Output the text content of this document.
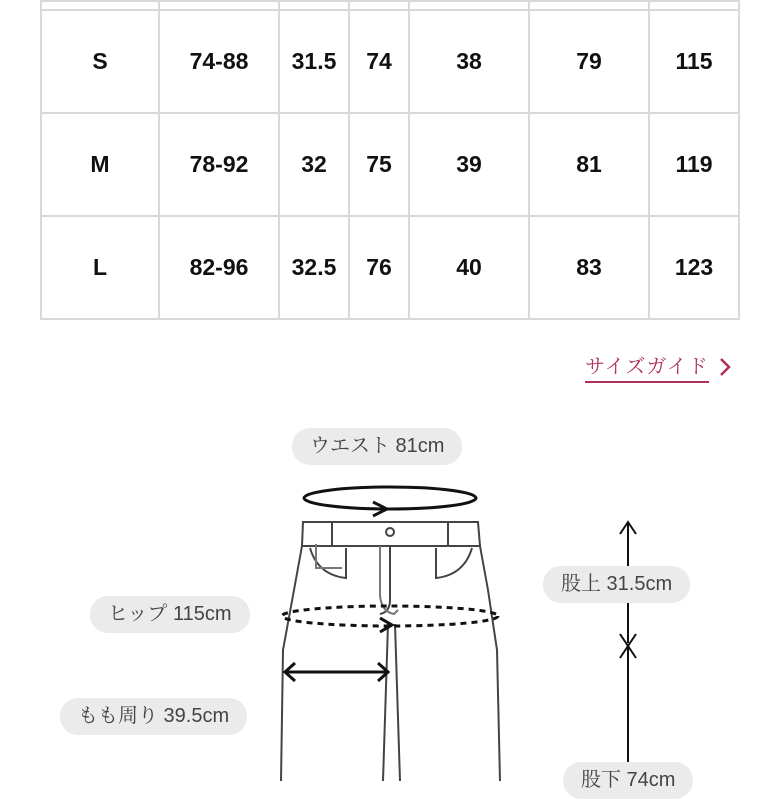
S	74-88	31.5	74	38	79	115
M	78-92	32	75	39	81	119
L	82-96	32.5	76	40	83	123
サイズガイド
ウエスト 81cm
ヒップ 115cm
もも周り 39.5cm
股上 31.5cm
股下 74cm
